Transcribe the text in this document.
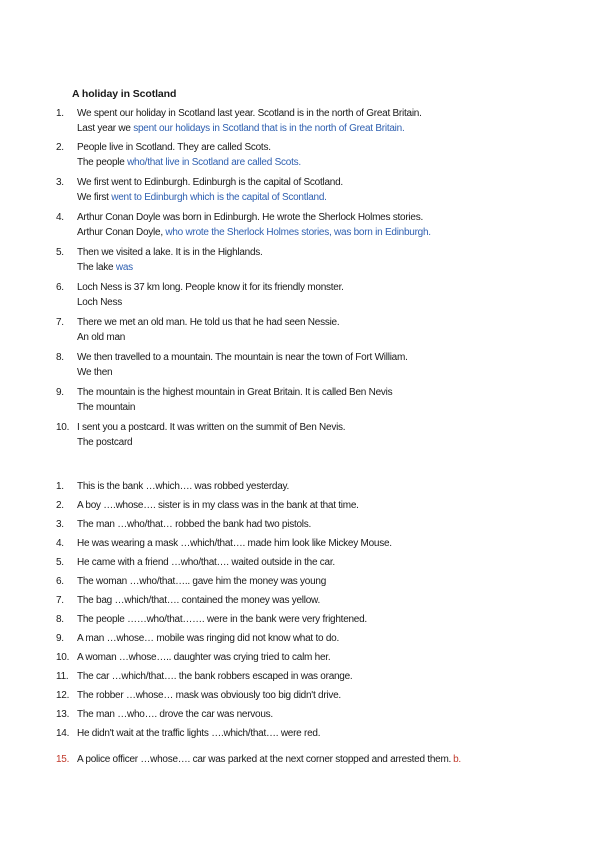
A holiday in Scotland
1.	We spent our holiday in Scotland last year. Scotland is in the north of Great Britain.
Last year we spent our holidays in Scotland that is in the north of Great Britain.
2.	People live in Scotland. They are called Scots.
The people who/that live in Scotland are called Scots.
3.	We first went to Edinburgh. Edinburgh is the capital of Scotland.
We first went to Edinburgh which is the capital of Scontland.
4.	Arthur Conan Doyle was born in Edinburgh. He wrote the Sherlock Holmes stories.
Arthur Conan Doyle, who wrote the Sherlock Holmes stories, was born in Edinburgh.
5.	Then we visited a lake. It is in the Highlands.
The lake was
6.	Loch Ness is 37 km long. People know it for its friendly monster.
Loch Ness
7.	There we met an old man. He told us that he had seen Nessie.
An old man
8.	We then travelled to a mountain. The mountain is near the town of Fort William.
We then
9.	The mountain is the highest mountain in Great Britain. It is called Ben Nevis
The mountain
10. I sent you a postcard. It was written on the summit of Ben Nevis.
The postcard
1.	This is the bank …which…. was robbed yesterday.
2.	A boy ….whose…. sister is in my class was in the bank at that time.
3.	The man …who/that… robbed the bank had two pistols.
4.	He was wearing a mask …which/that…. made him look like Mickey Mouse.
5.	He came with a friend …who/that…. waited outside in the car.
6.	The woman …who/that….. gave him the money was young
7.	The bag …which/that…. contained the money was yellow.
8.	The people ……who/that……. were in the bank were very frightened.
9.	A man …whose… mobile was ringing did not know what to do.
10. A woman …whose….. daughter was crying tried to calm her.
11. The car …which/that…. the bank robbers escaped in was orange.
12. The robber …whose… mask was obviously too big didn't drive.
13. The man …who…. drove the car was nervous.
14. He didn't wait at the traffic lights ….which/that…. were red.
15. A police officer …whose…. car was parked at the next corner stopped and arrested them. b.
